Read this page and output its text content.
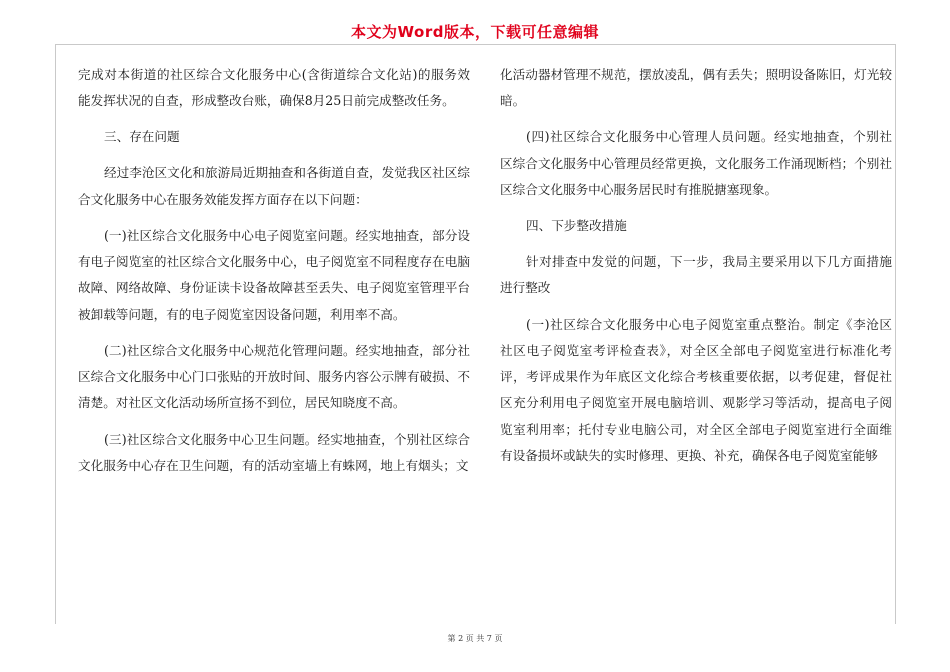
本文为Word版本，下载可任意编辑
完成对本街道的社区综合文化服务中心(含街道综合文化站)的服务效
能发挥状况的自查，形成整改台账，确保8月25日前完成整改任务。
三、存在问题
经过李沧区文化和旅游局近期抽查和各街道自查，发觉我区社区综
合文化服务中心在服务效能发挥方面存在以下问题：
(一)社区综合文化服务中心电子阅览室问题。经实地抽查，部分设
有电子阅览室的社区综合文化服务中心，电子阅览室不同程度存在电脑
故障、网络故障、身份证读卡设备故障甚至丢失、电子阅览室管理平台
被卸载等问题，有的电子阅览室因设备问题，利用率不高。
(二)社区综合文化服务中心规范化管理问题。经实地抽查，部分社
区综合文化服务中心门口张贴的开放时间、服务内容公示牌有破损、不
清楚。对社区文化活动场所宣扬不到位，居民知晓度不高。
(三)社区综合文化服务中心卫生问题。经实地抽查，个别社区综合
文化服务中心存在卫生问题，有的活动室墙上有蛛网，地上有烟头；文
化活动器材管理不规范，摆放凌乱，偶有丢失；照明设备陈旧，灯光较
暗。
(四)社区综合文化服务中心管理人员问题。经实地抽查，个别社
区综合文化服务中心管理员经常更换，文化服务工作涌现断档；个别社
区综合文化服务中心服务居民时有推脱搪塞现象。
四、下步整改措施
针对排查中发觉的问题，下一步，我局主要采用以下几方面措施
进行整改
(一)社区综合文化服务中心电子阅览室重点整治。制定《李沧区
社区电子阅览室考评检查表》，对全区全部电子阅览室进行标准化考
评，考评成果作为年底区文化综合考核重要依据，以考促建，督促社
区充分利用电子阅览室开展电脑培训、观影学习等活动，提高电子阅
览室利用率；托付专业电脑公司，对全区全部电子阅览室进行全面维
有设备损坏或缺失的实时修理、更换、补充，确保各电子阅览室能够
第 2 页 共 7 页
